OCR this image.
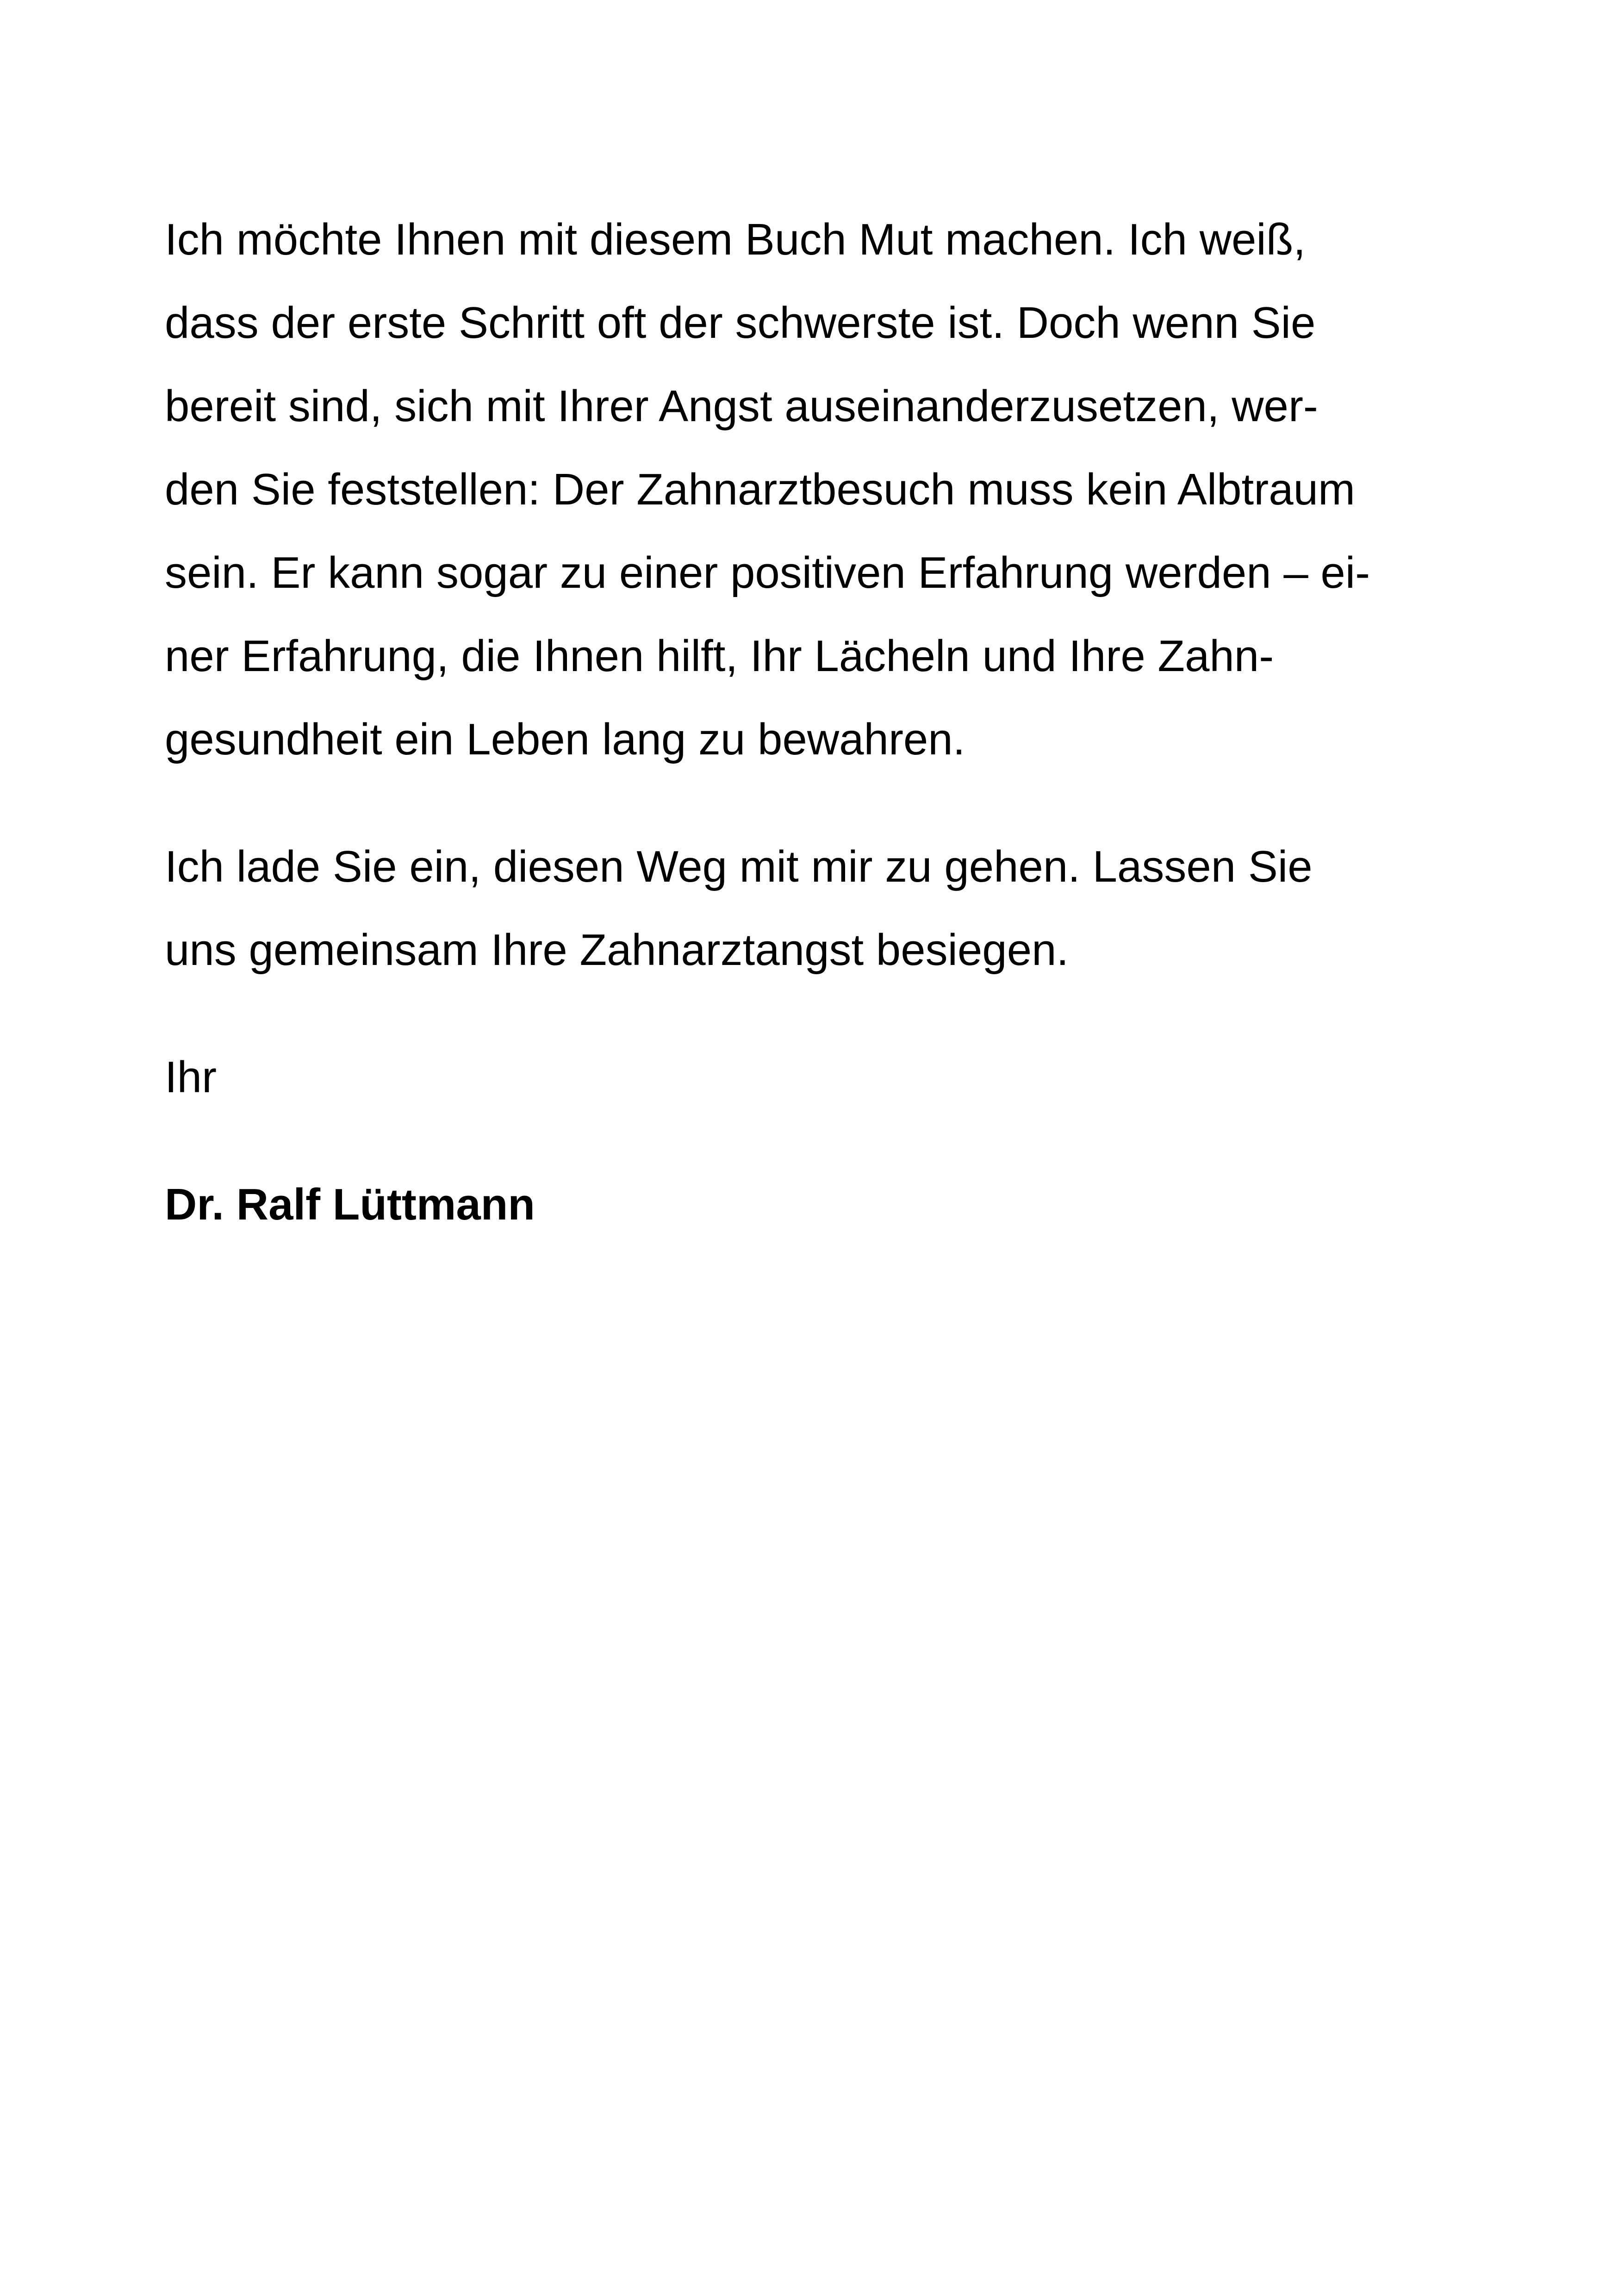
Ich möchte Ihnen mit diesem Buch Mut machen. Ich weiß,
dass der erste Schritt oft der schwerste ist. Doch wenn Sie
bereit sind, sich mit Ihrer Angst auseinanderzusetzen, wer-
den Sie feststellen: Der Zahnarztbesuch muss kein Albtraum
sein. Er kann sogar zu einer positiven Erfahrung werden – ei-
ner Erfahrung, die Ihnen hilft, Ihr Lächeln und Ihre Zahn-
gesundheit ein Leben lang zu bewahren.
Ich lade Sie ein, diesen Weg mit mir zu gehen. Lassen Sie
uns gemeinsam Ihre Zahnarztangst besiegen.
Ihr
Dr. Ralf Lüttmann
